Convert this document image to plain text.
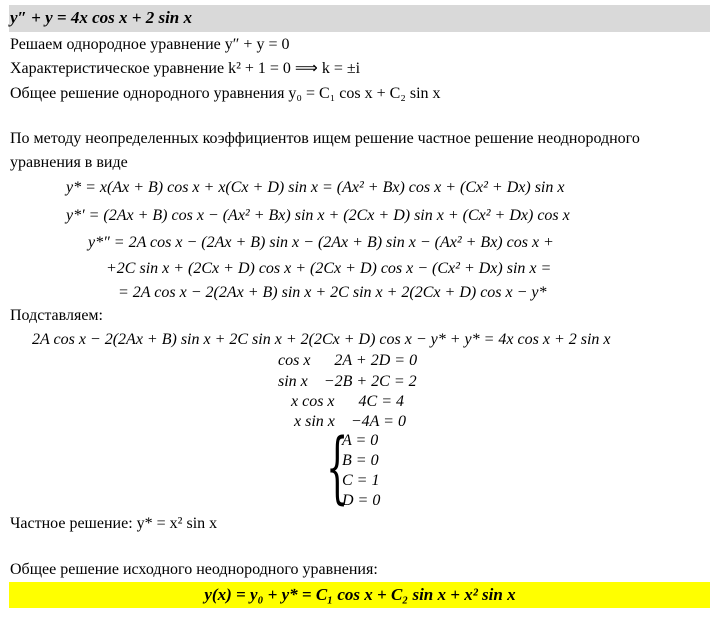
y″ + y = 4x cos x + 2 sin x
Решаем однородное уравнение y″ + y = 0
Характеристическое уравнение k² + 1 = 0 ⟹ k = ±i
Общее решение однородного уравнения y₀ = C₁ cos x + C₂ sin x
По методу неопределенных коэффициентов ищем решение частное решение неоднородного
уравнения в виде
y* = x(Ax + B) cos x + x(Cx + D) sin x = (Ax² + Bx) cos x + (Cx² + Dx) sin x
y*′ = (2Ax + B) cos x − (Ax² + Bx) sin x + (2Cx + D) sin x + (Cx² + Dx) cos x
y*″ = 2A cos x − (2Ax + B) sin x − (2Ax + B) sin x − (Ax² + Bx) cos x +
+2C sin x + (2Cx + D) cos x + (2Cx + D) cos x − (Cx² + Dx) sin x =
= 2A cos x − 2(2Ax + B) sin x + 2C sin x + 2(2Cx + D) cos x − y*
Подставляем:
2A cos x − 2(2Ax + B) sin x + 2C sin x + 2(2Cx + D) cos x − y* + y* = 4x cos x + 2 sin x
cos x      2A + 2D = 0
sin x    −2B + 2C = 2
x cos x      4C = 4
x sin x    −4A = 0
{
A = 0
B = 0
C = 1
D = 0
Частное решение: y* = x² sin x
Общее решение исходного неоднородного уравнения:
y(x) = y₀ + y* = C₁ cos x + C₂ sin x + x² sin x
